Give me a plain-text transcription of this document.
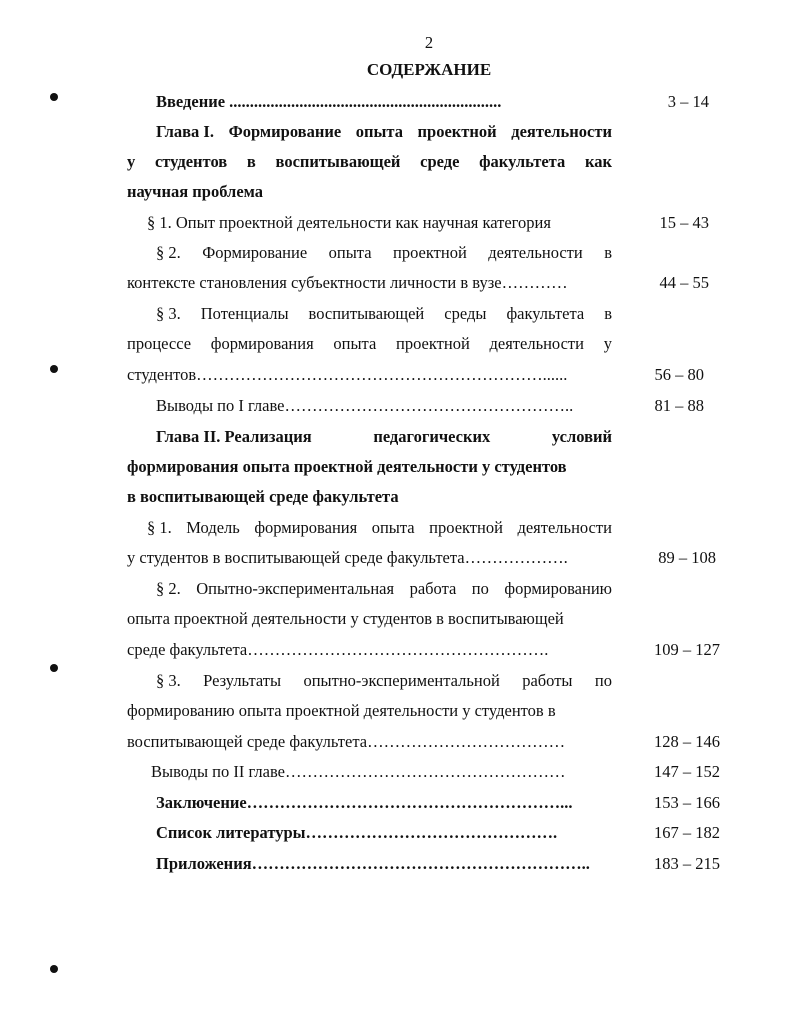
2
СОДЕРЖАНИЕ
Введение ..................................................................	3 – 14
Глава I. Формирование опыта проектной деятельности
у студентов в воспитывающей среде факультета как
научная проблема
§ 1. Опыт проектной деятельности как научная категория	15 – 43
§ 2. Формирование опыта проектной деятельности в
контексте становления субъектности личности в вузе…………	44 – 55
§ 3. Потенциалы воспитывающей среды факультета в
процессе формирования опыта проектной деятельности у
студентов………………………………………………………......	56 – 80
Выводы по I главе……………………………………………..	81 – 88
Глава II. Реализация	педагогических	условий
формирования опыта проектной деятельности у студентов
в воспитывающей среде факультета
§ 1. Модель формирования опыта проектной деятельности
у студентов в воспитывающей среде факультета……………….	89 – 108
§ 2. Опытно-экспериментальная работа по формированию
опыта проектной деятельности у студентов в воспитывающей
среде факультета……………………………………………….	109 – 127
§ 3. Результаты опытно-экспериментальной работы по
формированию опыта проектной деятельности у студентов в
воспитывающей среде факультета………………………………	128 – 146
Выводы по II главе……………………………………………	147 – 152
Заключение…………………………………………………...	153 – 166
Список литературы……………………………………….	167 – 182
Приложения……………………………………………………..	183 – 215
